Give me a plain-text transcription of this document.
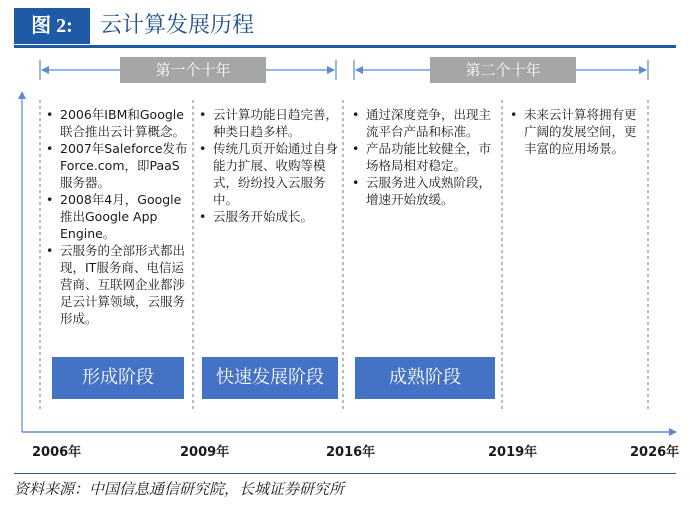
图 2:	云计算发展历程
第一个十年	第二个十年
• 2006年IBM和Google联合推出云计算概念。
• 2007年Saleforce发布Force.com，即PaaS服务器。
• 2008年4月，Google推出Google App Engine。
• 云服务的全部形式都出现，IT服务商、电信运营商、互联网企业都涉足云计算领域，云服务形成。
• 云计算功能日趋完善，种类日趋多样。
• 传统几页开始通过自身能力扩展、收购等模式，纷纷投入云服务中。
• 云服务开始成长。
• 通过深度竞争，出现主流平台产品和标准。
• 产品功能比较健全，市场格局相对稳定。
• 云服务进入成熟阶段，增速开始放缓。
• 未来云计算将拥有更广阔的发展空间，更丰富的应用场景。
形成阶段	快速发展阶段	成熟阶段
2006年	2009年	2016年	2019年	2026年
资料来源：中国信息通信研究院，长城证券研究所
